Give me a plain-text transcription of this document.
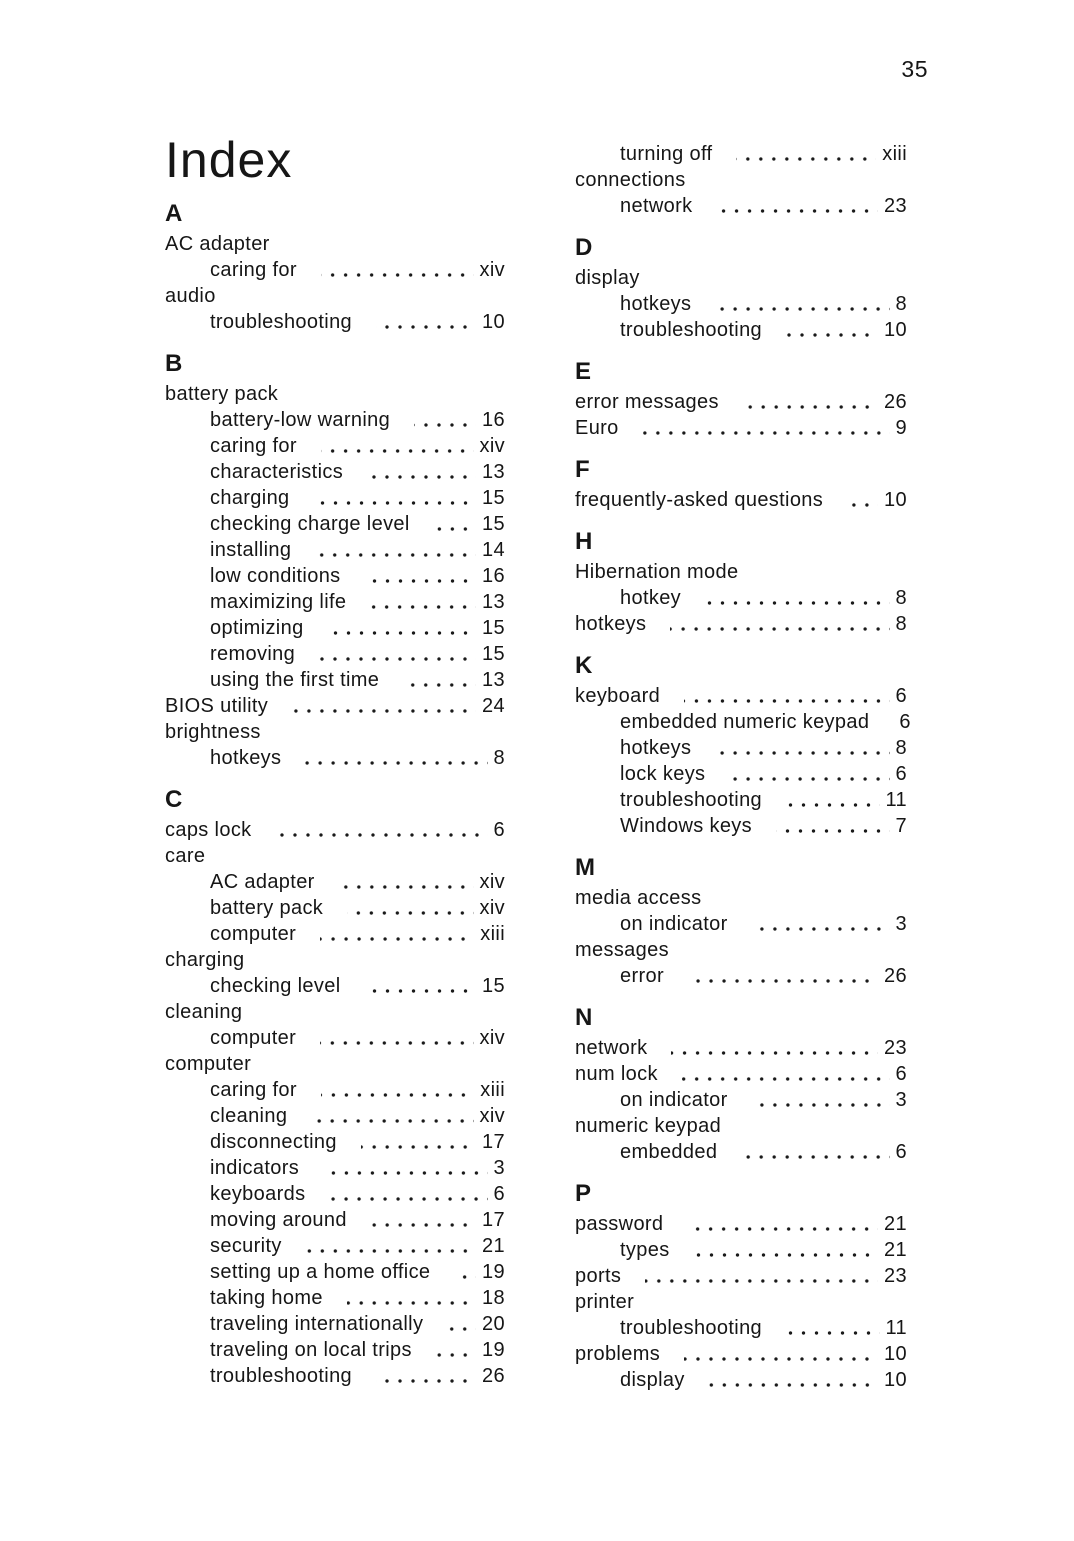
35
Index
A
AC adapter
caring for	xiv
audio
troubleshooting	10
B
battery pack
battery-low warning	16
caring for	xiv
characteristics	13
charging	15
checking charge level	15
installing	14
low conditions	16
maximizing life	13
optimizing	15
removing	15
using the first time	13
BIOS utility	24
brightness
hotkeys	8
C
caps lock	6
care
AC adapter	xiv
battery pack	xiv
computer	xiii
charging
checking level	15
cleaning
computer	xiv
computer
caring for	xiii
cleaning	xiv
disconnecting	17
indicators	3
keyboards	6
moving around	17
security	21
setting up a home office	19
taking home	18
traveling internationally	20
traveling on local trips	19
troubleshooting	26
turning off	xiii
connections
network	23
D
display
hotkeys	8
troubleshooting	10
E
error messages	26
Euro	9
F
frequently-asked questions	10
H
Hibernation mode
hotkey	8
hotkeys	8
K
keyboard	6
embedded numeric keypad 6
hotkeys	8
lock keys	6
troubleshooting	11
Windows keys	7
M
media access
on indicator	3
messages
error	26
N
network	23
num lock	6
on indicator	3
numeric keypad
embedded	6
P
password	21
types	21
ports	23
printer
troubleshooting	11
problems	10
display	10
